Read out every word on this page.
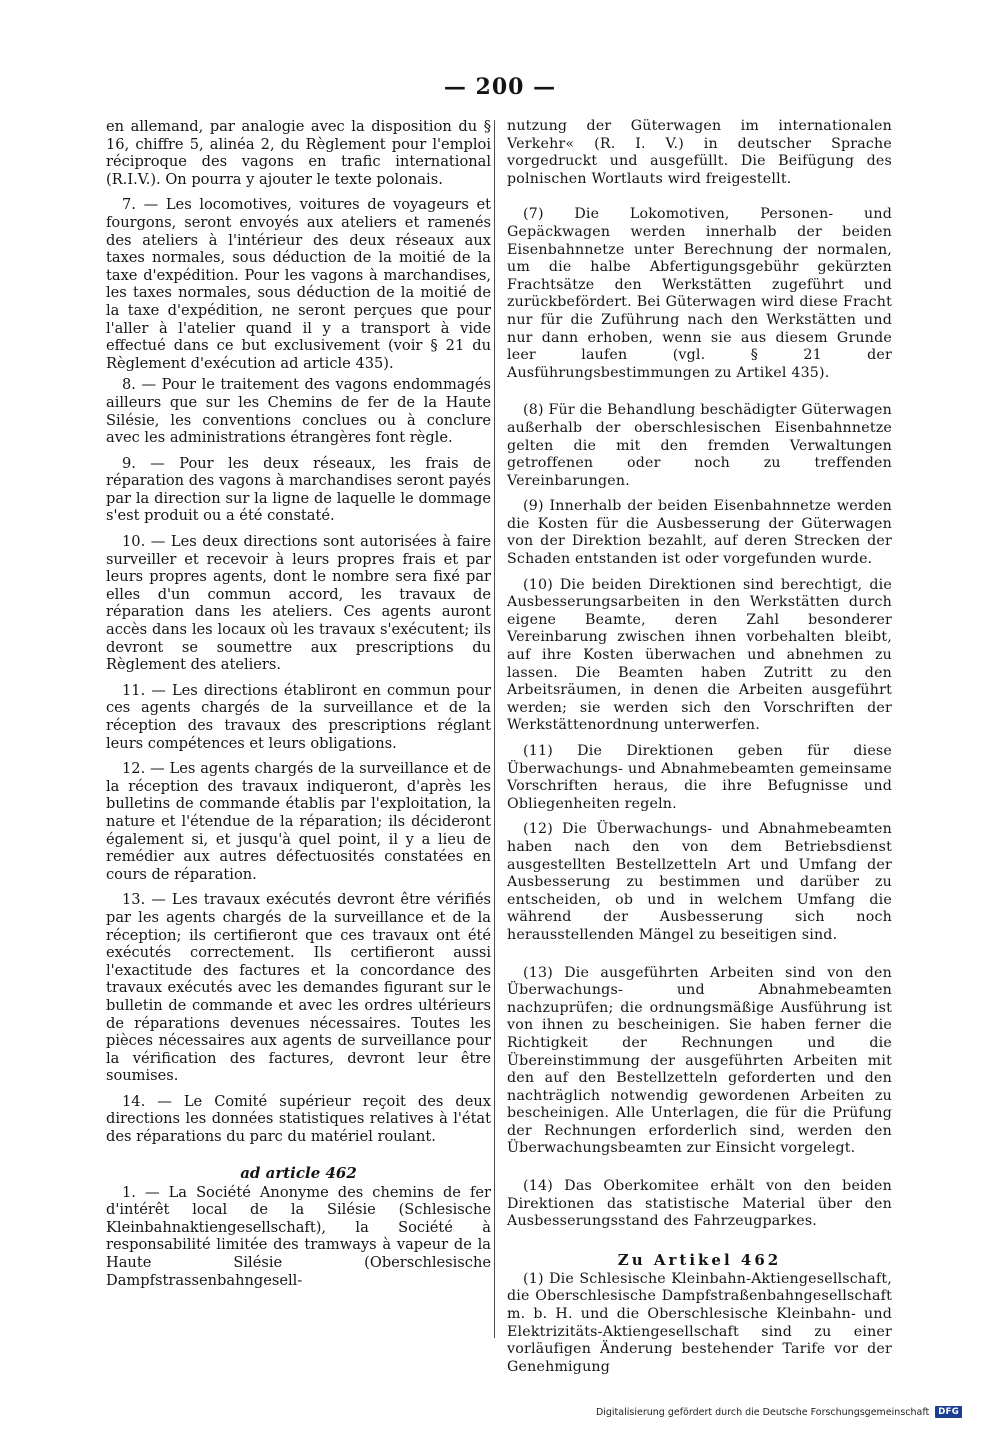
— 200 —

en allemand, par analogie avec la disposition du § 16, chiffre 5, alinéa 2, du Règlement pour l'emploi réciproque des vagons en trafic international (R.I.V.). On pourra y ajouter le texte polonais.

7. — Les locomotives, voitures de voyageurs et fourgons, seront envoyés aux ateliers et ramenés des ateliers à l'intérieur des deux réseaux aux taxes normales, sous déduction de la moitié de la taxe d'expédition. Pour les vagons à marchandises, les taxes normales, sous déduction de la moitié de la taxe d'expédition, ne seront perçues que pour l'aller à l'atelier quand il y a transport à vide effectué dans ce but exclusivement (voir § 21 du Règlement d'exécution ad article 435).

8. — Pour le traitement des vagons endommagés ailleurs que sur les Chemins de fer de la Haute Silésie, les conventions conclues ou à conclure avec les administrations étrangères font règle.

9. — Pour les deux réseaux, les frais de réparation des vagons à marchandises seront payés par la direction sur la ligne de laquelle le dommage s'est produit ou a été constaté.

10. — Les deux directions sont autorisées à faire surveiller et recevoir à leurs propres frais et par leurs propres agents, dont le nombre sera fixé par elles d'un commun accord, les travaux de réparation dans les ateliers. Ces agents auront accès dans les locaux où les travaux s'exécutent; ils devront se soumettre aux prescriptions du Règlement des ateliers.

11. — Les directions établiront en commun pour ces agents chargés de la surveillance et de la réception des travaux des prescriptions réglant leurs compétences et leurs obligations.

12. — Les agents chargés de la surveillance et de la réception des travaux indiqueront, d'après les bulletins de commande établis par l'exploitation, la nature et l'étendue de la réparation; ils décideront également si, et jusqu'à quel point, il y a lieu de remédier aux autres défectuosités constatées en cours de réparation.

13. — Les travaux exécutés devront être vérifiés par les agents chargés de la surveillance et de la réception; ils certifieront que ces travaux ont été exécutés correctement. Ils certifieront aussi l'exactitude des factures et la concordance des travaux exécutés avec les demandes figurant sur le bulletin de commande et avec les ordres ultérieurs de réparations devenues nécessaires. Toutes les pièces nécessaires aux agents de surveillance pour la vérification des factures, devront leur être soumises.

14. — Le Comité supérieur reçoit des deux directions les données statistiques relatives à l'état des réparations du parc du matériel roulant.

ad article 462

1. — La Société Anonyme des chemins de fer d'intérêt local de la Silésie (Schlesische Kleinbahnaktiengesellschaft), la Société à responsabilité limitée des tramways à vapeur de la Haute Silésie (Oberschlesische Dampfstrassenbahngesell-

nutzung der Güterwagen im internationalen Verkehr« (R. I. V.) in deutscher Sprache vorgedruckt und ausgefüllt. Die Beifügung des polnischen Wortlauts wird freigestellt.

(7) Die Lokomotiven, Personen- und Gepäckwagen werden innerhalb der beiden Eisenbahnnetze unter Berechnung der normalen, um die halbe Abfertigungsgebühr gekürzten Frachtsätze den Werkstätten zugeführt und zurückbefördert. Bei Güterwagen wird diese Fracht nur für die Zuführung nach den Werkstätten und nur dann erhoben, wenn sie aus diesem Grunde leer laufen (vgl. § 21 der Ausführungsbestimmungen zu Artikel 435).

(8) Für die Behandlung beschädigter Güterwagen außerhalb der oberschlesischen Eisenbahnnetze gelten die mit den fremden Verwaltungen getroffenen oder noch zu treffenden Vereinbarungen.

(9) Innerhalb der beiden Eisenbahnnetze werden die Kosten für die Ausbesserung der Güterwagen von der Direktion bezahlt, auf deren Strecken der Schaden entstanden ist oder vorgefunden wurde.

(10) Die beiden Direktionen sind berechtigt, die Ausbesserungsarbeiten in den Werkstätten durch eigene Beamte, deren Zahl besonderer Vereinbarung zwischen ihnen vorbehalten bleibt, auf ihre Kosten überwachen und abnehmen zu lassen. Die Beamten haben Zutritt zu den Arbeitsräumen, in denen die Arbeiten ausgeführt werden; sie werden sich den Vorschriften der Werkstättenordnung unterwerfen.

(11) Die Direktionen geben für diese Überwachungs- und Abnahmebeamten gemeinsame Vorschriften heraus, die ihre Befugnisse und Obliegenheiten regeln.

(12) Die Überwachungs- und Abnahmebeamten haben nach den von dem Betriebsdienst ausgestellten Bestellzetteln Art und Umfang der Ausbesserung zu bestimmen und darüber zu entscheiden, ob und in welchem Umfang die während der Ausbesserung sich noch herausstellenden Mängel zu beseitigen sind.

(13) Die ausgeführten Arbeiten sind von den Überwachungs- und Abnahmebeamten nachzuprüfen; die ordnungsmäßige Ausführung ist von ihnen zu bescheinigen. Sie haben ferner die Richtigkeit der Rechnungen und die Übereinstimmung der ausgeführten Arbeiten mit den auf den Bestellzetteln geforderten und den nachträglich notwendig gewordenen Arbeiten zu bescheinigen. Alle Unterlagen, die für die Prüfung der Rechnungen erforderlich sind, werden den Überwachungsbeamten zur Einsicht vorgelegt.

(14) Das Oberkomitee erhält von den beiden Direktionen das statistische Material über den Ausbesserungsstand des Fahrzeugparkes.

Zu Artikel 462

(1) Die Schlesische Kleinbahn-Aktiengesellschaft, die Oberschlesische Dampfstraßenbahngesellschaft m. b. H. und die Oberschlesische Kleinbahn- und Elektrizitäts-Aktiengesellschaft sind zu einer vorläufigen Änderung bestehender Tarife vor der Genehmigung

Digitalisierung gefördert durch die Deutsche Forschungsgemeinschaft	DFG
